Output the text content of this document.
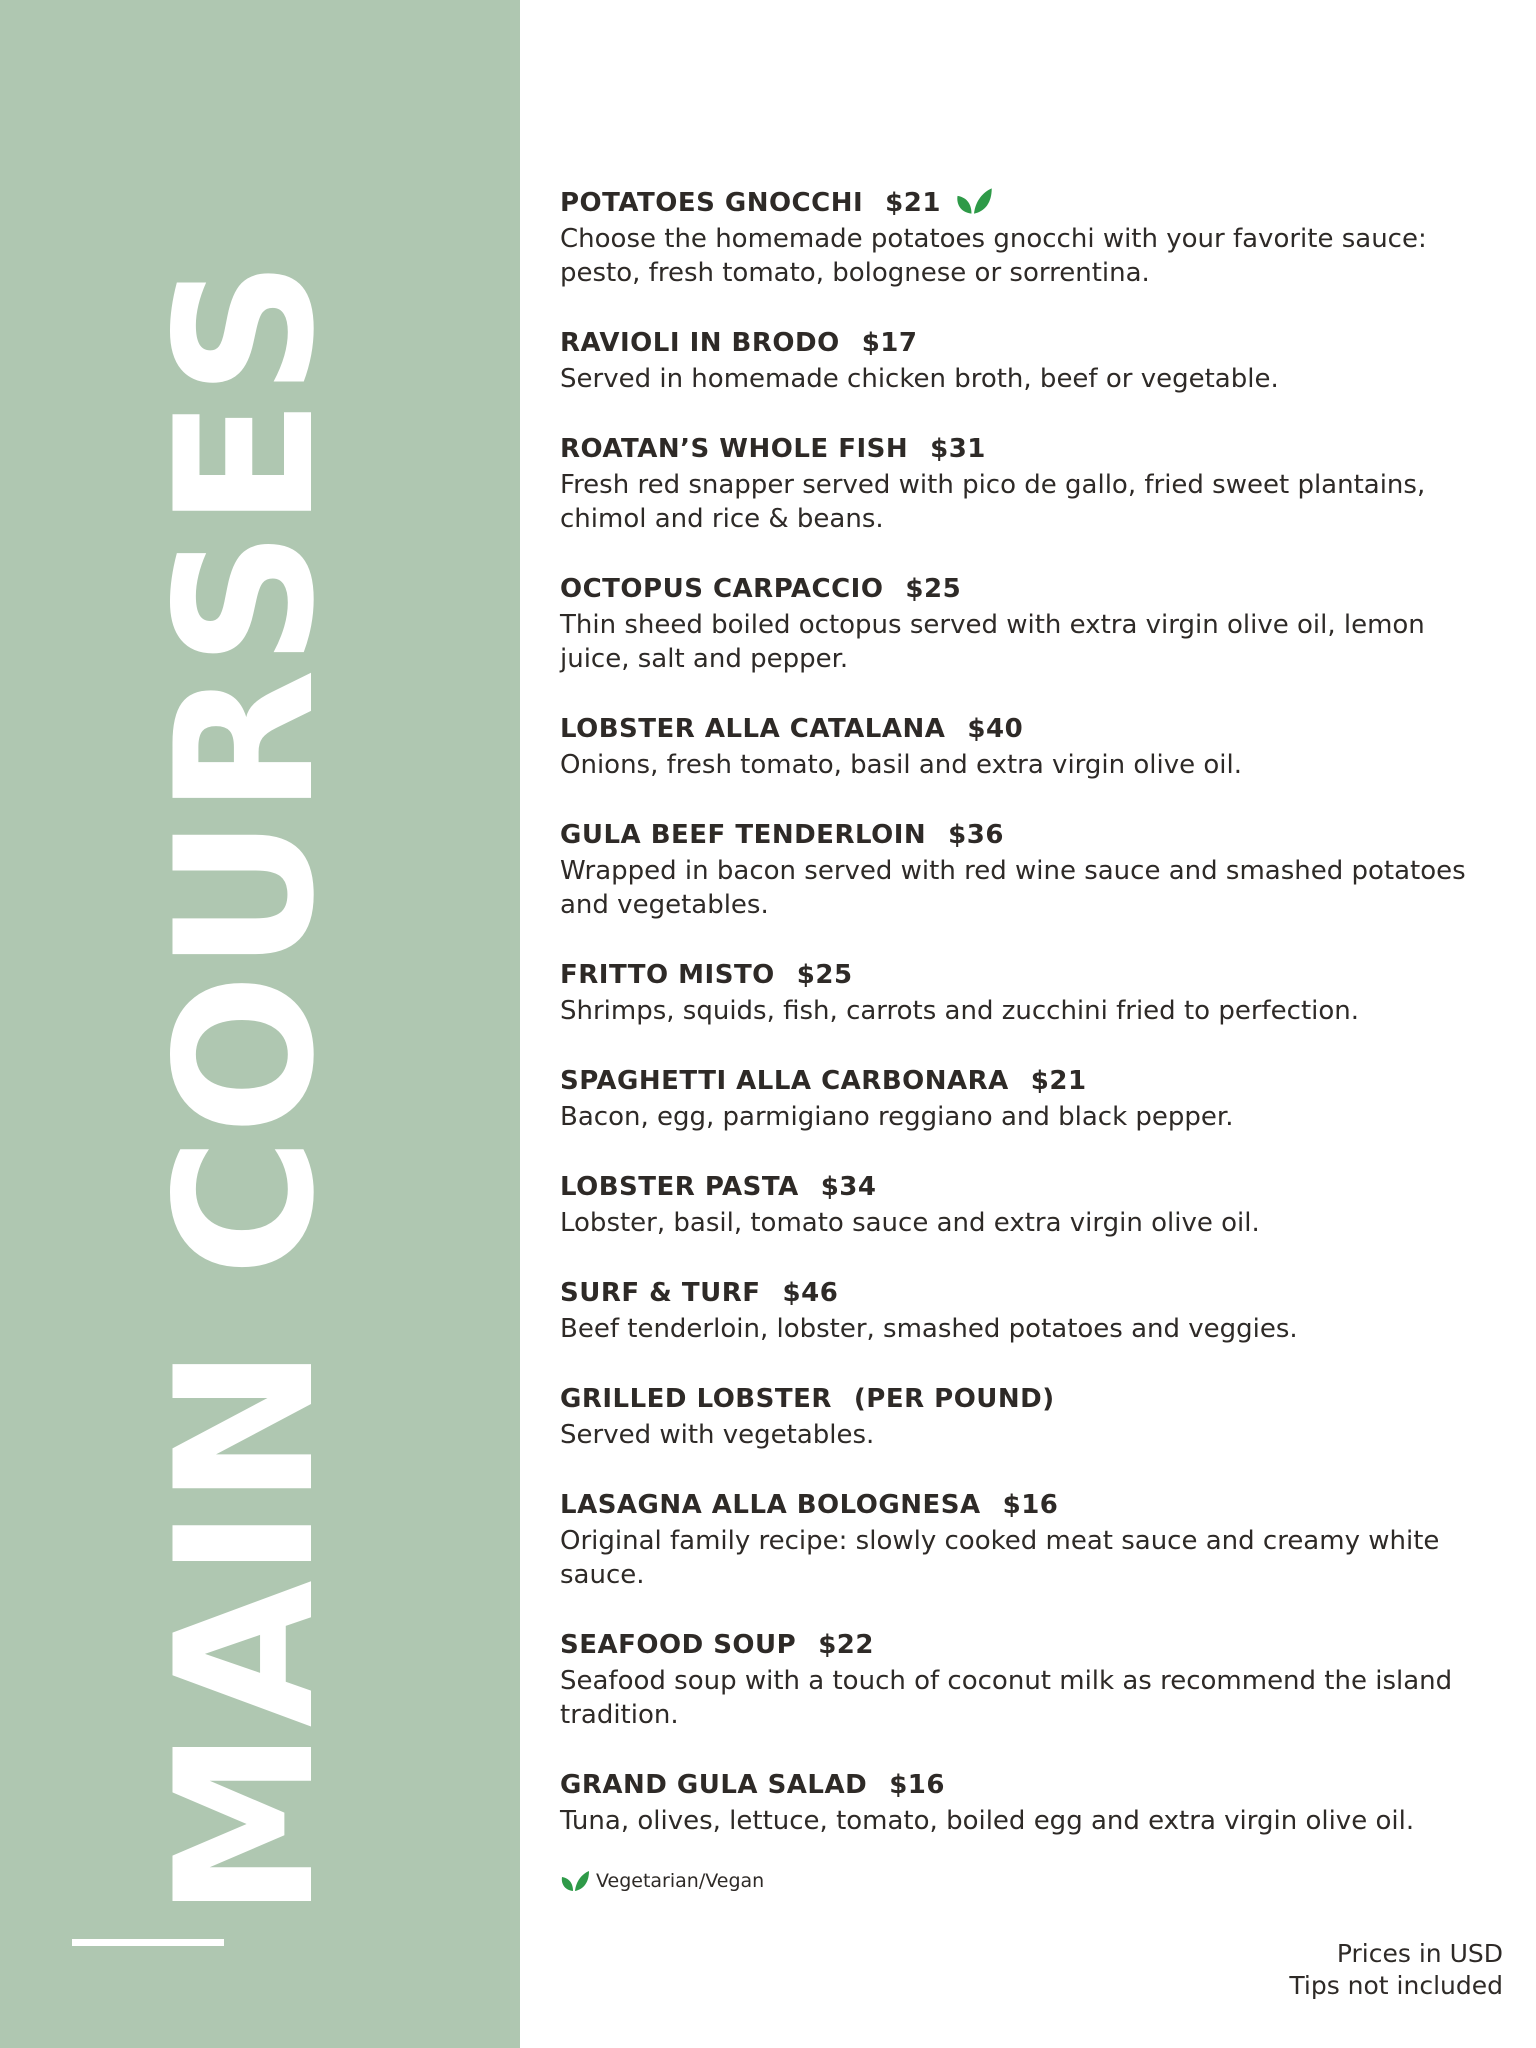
MAIN COURSES
POTATOES GNOCCHI $21
Choose the homemade potatoes gnocchi with your favorite sauce: pesto, fresh tomato, bolognese or sorrentina.
RAVIOLI IN BRODO $17
Served in homemade chicken broth, beef or vegetable.
ROATAN’S WHOLE FISH $31
Fresh red snapper served with pico de gallo, fried sweet plantains, chimol and rice & beans.
OCTOPUS CARPACCIO $25
Thin sheed boiled octopus served with extra virgin olive oil, lemon juice, salt and pepper.
LOBSTER ALLA CATALANA $40
Onions, fresh tomato, basil and extra virgin olive oil.
GULA BEEF TENDERLOIN $36
Wrapped in bacon served with red wine sauce and smashed potatoes and vegetables.
FRITTO MISTO $25
Shrimps, squids, fish, carrots and zucchini fried to perfection.
SPAGHETTI ALLA CARBONARA $21
Bacon, egg, parmigiano reggiano and black pepper.
LOBSTER PASTA $34
Lobster, basil, tomato sauce and extra virgin olive oil.
SURF & TURF $46
Beef tenderloin, lobster, smashed potatoes and veggies.
GRILLED LOBSTER (PER POUND)
Served with vegetables.
LASAGNA ALLA BOLOGNESA $16
Original family recipe: slowly cooked meat sauce and creamy white sauce.
SEAFOOD SOUP $22
Seafood soup with a touch of coconut milk as recommend the island tradition.
GRAND GULA SALAD $16
Tuna, olives, lettuce, tomato, boiled egg and extra virgin olive oil.
Vegetarian/Vegan
Prices in USD
Tips not included
